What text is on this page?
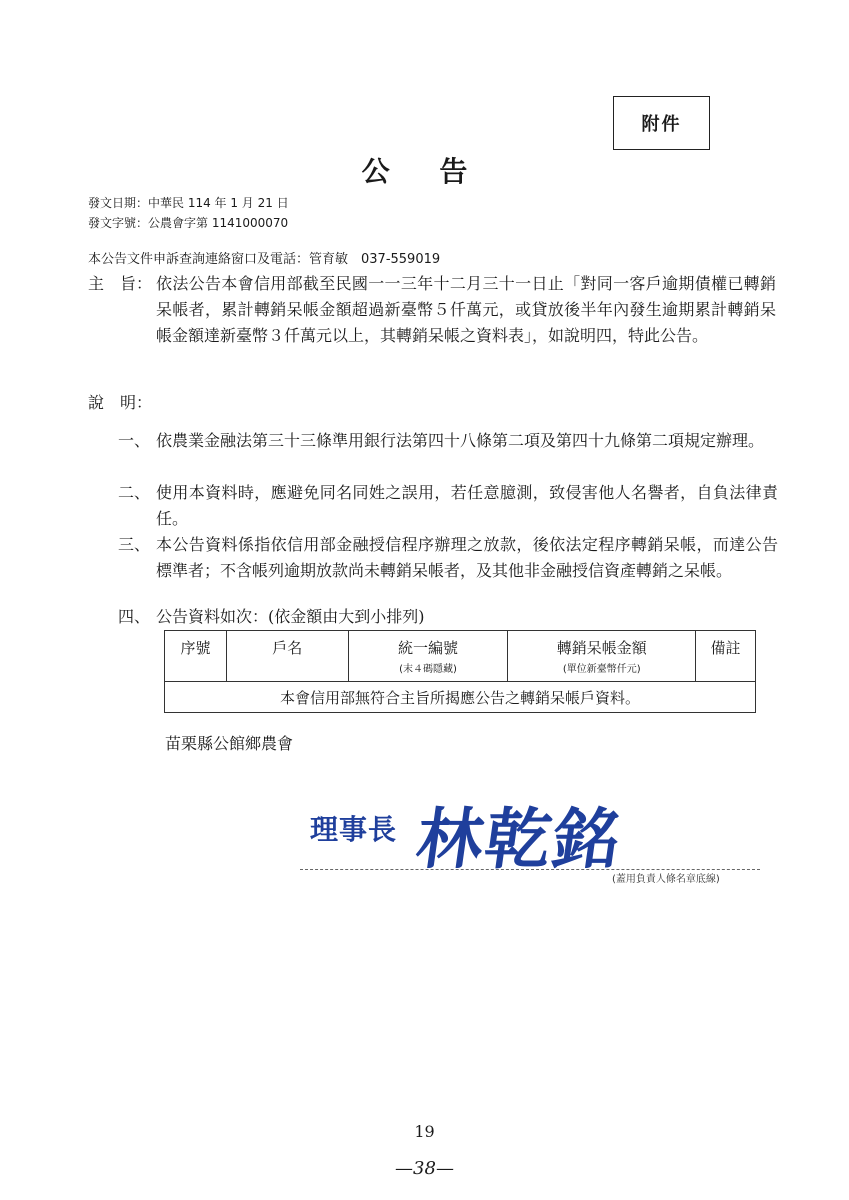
附件
公 告
發文日期：中華民 114 年 1 月 21 日
發文字號：公農會字第 1141000070
本公告文件申訴查詢連絡窗口及電話：管育敏　037-559019
主　旨： 依法公告本會信用部截至民國一一三年十二月三十一日止「對同一客戶逾期債權已轉銷呆帳者，累計轉銷呆帳金額超過新臺幣５仟萬元，或貸放後半年內發生逾期累計轉銷呆帳金額達新臺幣３仟萬元以上，其轉銷呆帳之資料表」，如說明四，特此公告。
說　明：
一、 依農業金融法第三十三條準用銀行法第四十八條第二項及第四十九條第二項規定辦理。
二、 使用本資料時，應避免同名同姓之誤用，若任意臆測，致侵害他人名譽者，自負法律責任。
三、 本公告資料係指依信用部金融授信程序辦理之放款，後依法定程序轉銷呆帳，而達公告標準者；不含帳列逾期放款尚未轉銷呆帳者，及其他非金融授信資產轉銷之呆帳。
四、 公告資料如次：(依金額由大到小排列)
序號	戶名	統一編號
(末４碼隱藏)
	轉銷呆帳金額
(單位新臺幣仟元)
	備註
本會信用部無符合主旨所揭應公告之轉銷呆帳戶資料。
苗栗縣公館鄉農會
理事長 林乾銘
(蓋用負責人條名章底線)
19
—38—
